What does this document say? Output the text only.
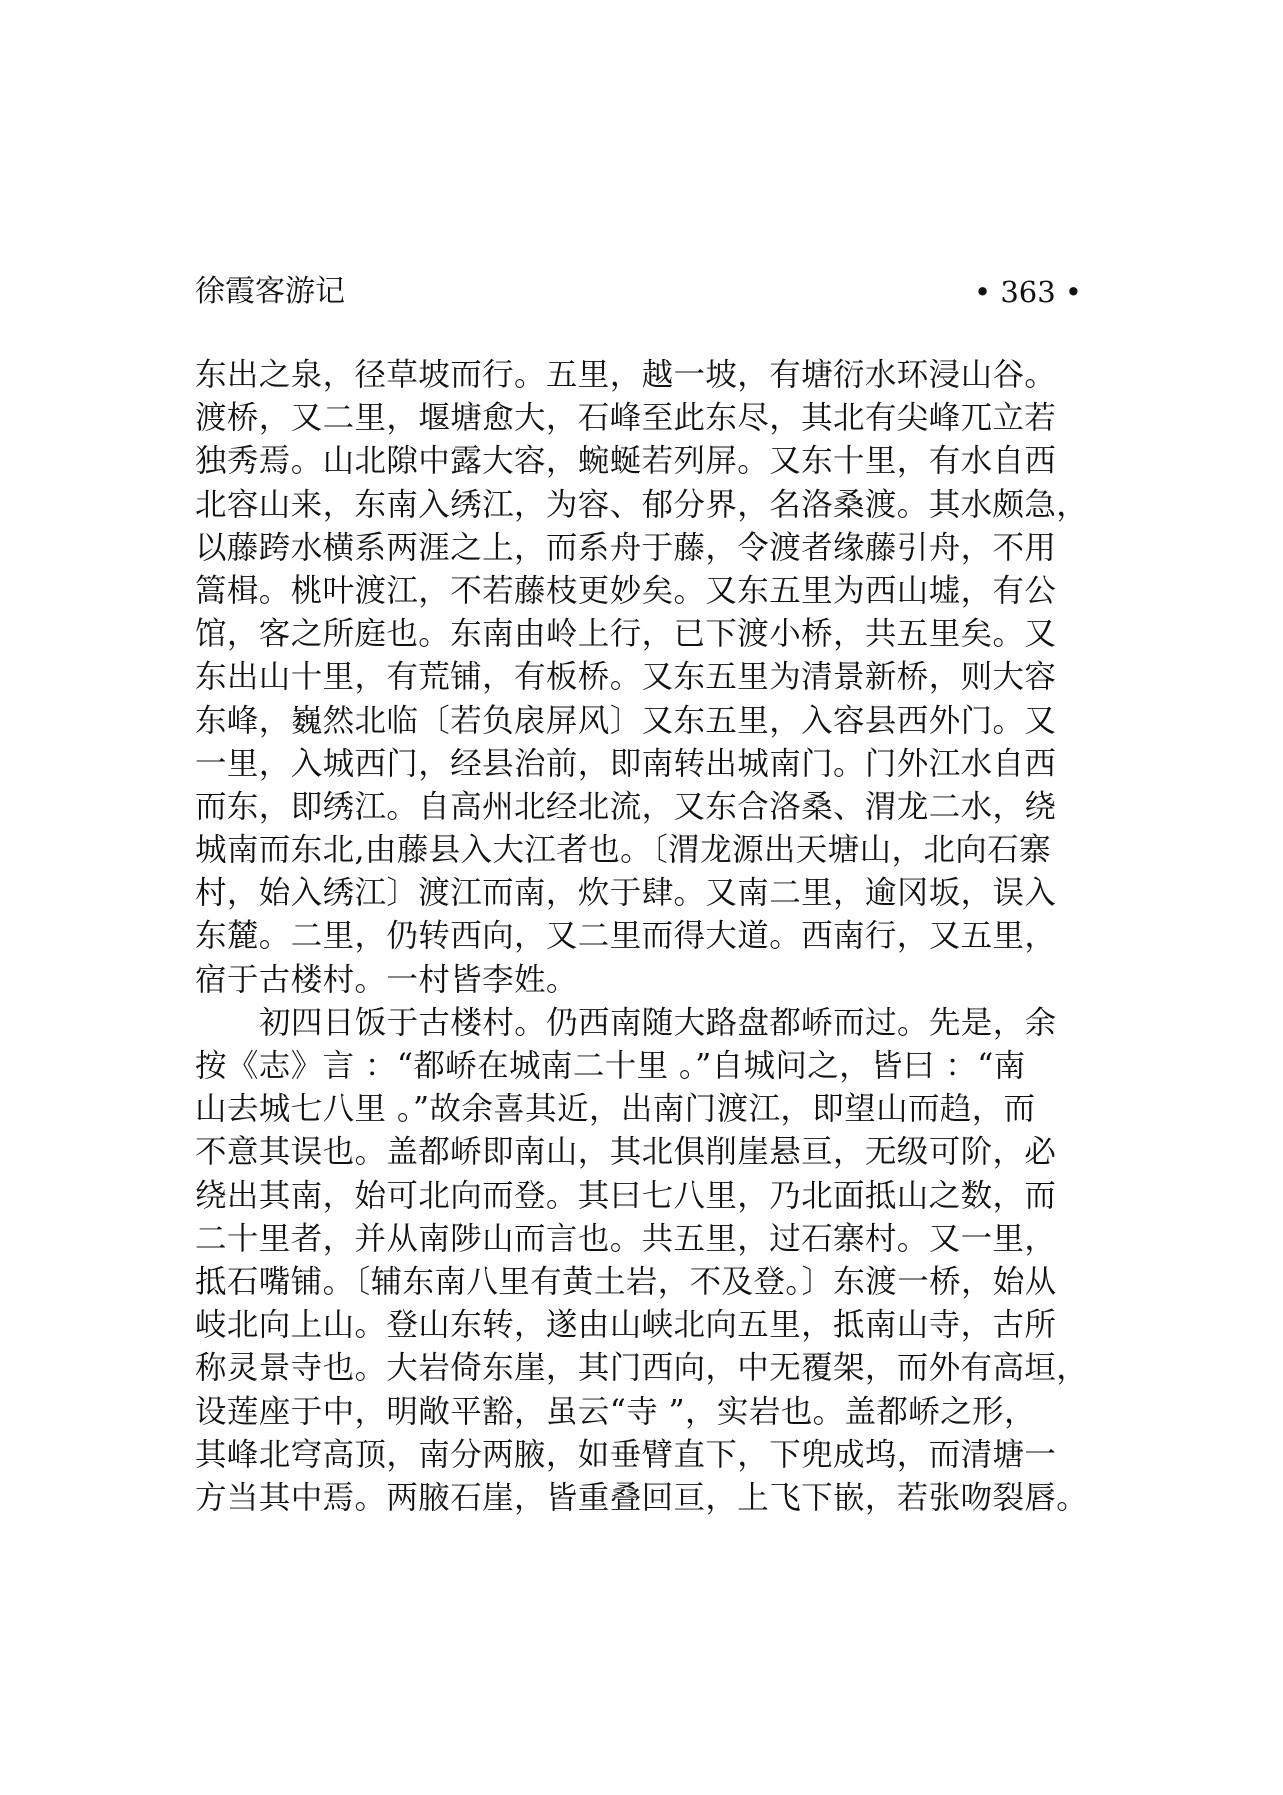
徐霞客游记	• 363 •
东出之泉，径草坡而行。五里，越一坡，有塘衍水环浸山谷。
渡桥，又二里，堰塘愈大，石峰至此东尽，其北有尖峰兀立若
独秀焉。山北隙中露大容，蜿蜒若列屏。又东十里，有水自西
北容山来，东南入绣江，为容、郁分界，名洛桑渡。其水颇急，
以藤跨水横系两涯之上，而系舟于藤，令渡者缘藤引舟，不用
篙楫。桃叶渡江，不若藤枝更妙矣。又东五里为西山墟，有公
馆，客之所庭也。东南由岭上行，已下渡小桥，共五里矣。又
东出山十里，有荒铺，有板桥。又东五里为清景新桥，则大容
东峰，巍然北临〔若负扆屏风〕又东五里，入容县西外门。又
一里，入城西门，经县治前，即南转出城南门。门外江水自西
而东，即绣江。自高州北经北流，又东合洛桑、渭龙二水，绕
城南而东北,由藤县入大江者也。〔渭龙源出天塘山，北向石寨
村，始入绣江〕渡江而南，炊于肆。又南二里，逾冈坂，误入
东麓。二里，仍转西向，又二里而得大道。西南行，又五里，
宿于古楼村。一村皆李姓。
初四日饭于古楼村。仍西南随大路盘都峤而过。先是，余
按《志》言 ：“都峤在城南二十里 。”自城问之，皆曰 ：“南
山去城七八里 。”故余喜其近，出南门渡江，即望山而趋，而
不意其误也。盖都峤即南山，其北俱削崖悬亘，无级可阶，必
绕出其南，始可北向而登。其曰七八里，乃北面抵山之数，而
二十里者，并从南陟山而言也。共五里，过石寨村。又一里，
抵石嘴铺。〔辅东南八里有黄土岩，不及登。〕东渡一桥，始从
岐北向上山。登山东转，遂由山峡北向五里，抵南山寺，古所
称灵景寺也。大岩倚东崖，其门西向，中无覆架，而外有高垣，
设莲座于中，明敞平豁，虽云“寺 ”，实岩也。盖都峤之形，
其峰北穹高顶，南分两腋，如垂臂直下，下兜成坞，而清塘一
方当其中焉。两腋石崖，皆重叠回亘，上飞下嵌，若张吻裂唇。
